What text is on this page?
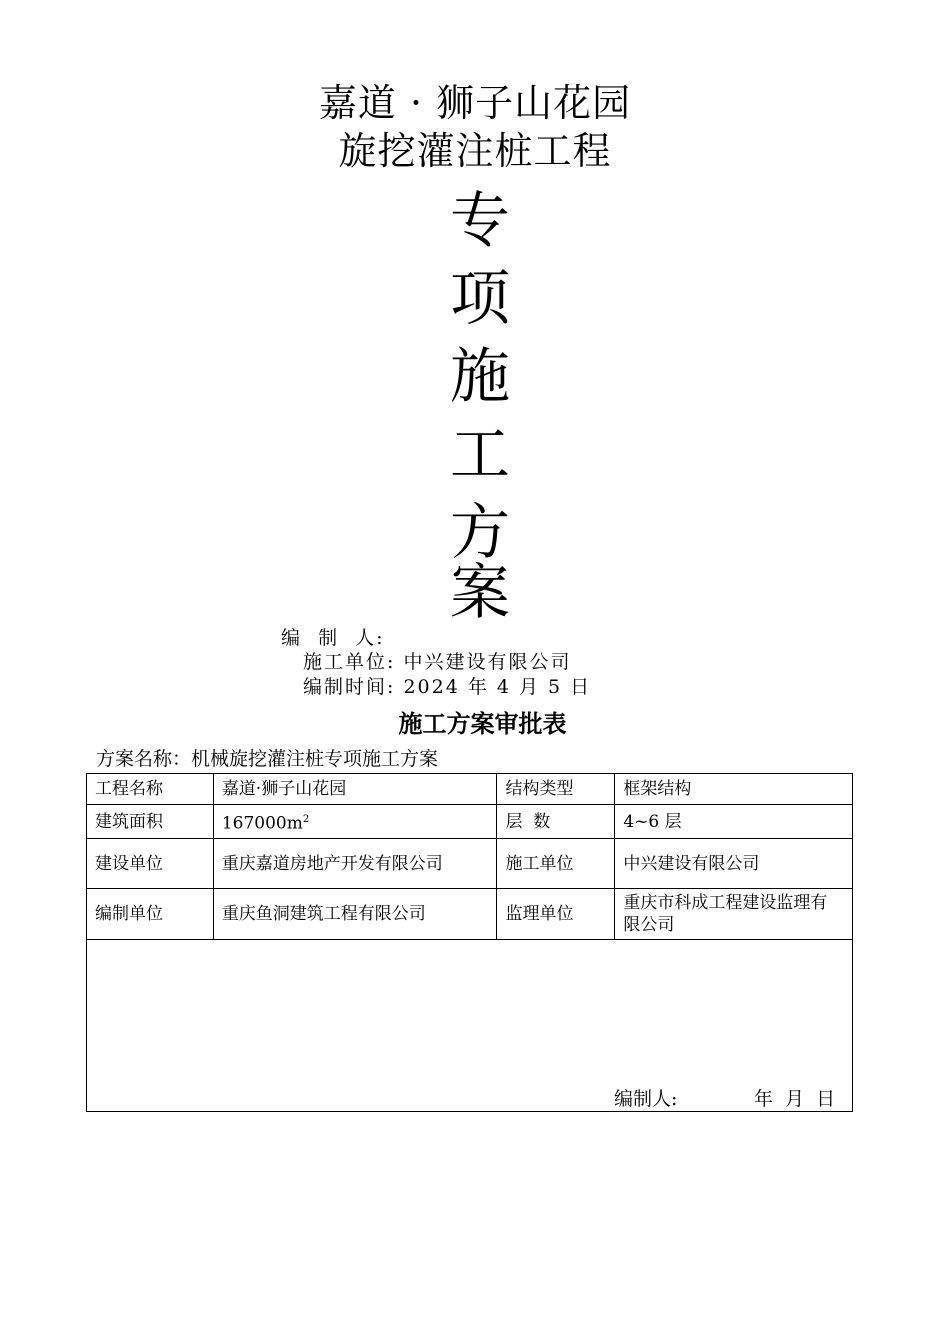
嘉道 · 狮子山花园
旋挖灌注桩工程
专
项
施
工
方
案
编  制  人:
施工单位: 中兴建设有限公司
编制时间: 2024 年 4 月 5 日
施工方案审批表
方案名称：机械旋挖灌注桩专项施工方案
工程名称	嘉道·狮子山花园	结构类型	框架结构
建筑面积	$167000m^2$	层  数	4~6 层
建设单位	重庆嘉道房地产开发有限公司	施工单位	中兴建设有限公司
编制单位	重庆鱼洞建筑工程有限公司	监理单位	重庆市科成工程建设监理有限公司

编制人:	年  月  日
